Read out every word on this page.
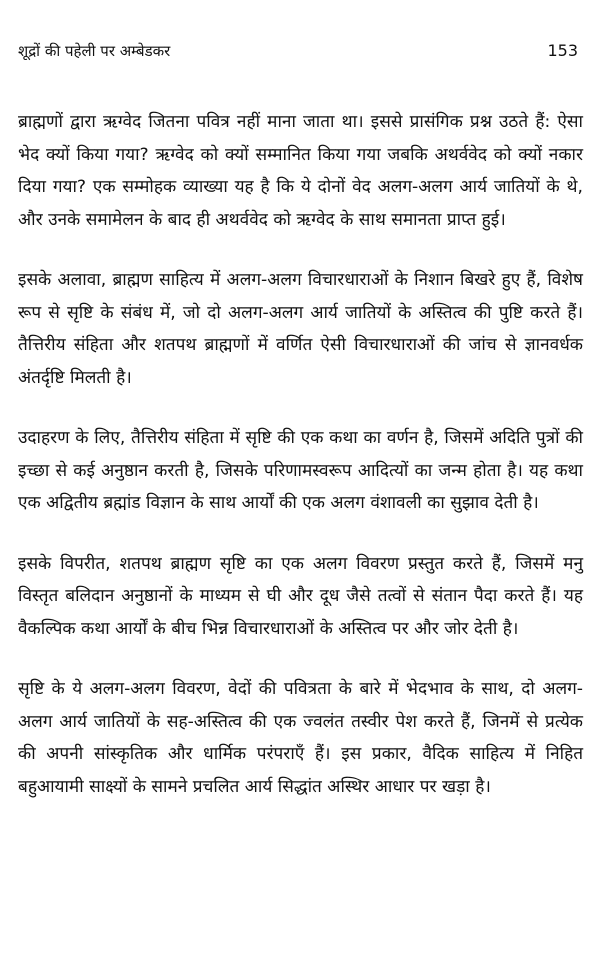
शूद्रों की पहेली पर अम्बेडकर	153

ब्राह्मणों द्वारा ऋग्वेद जितना पवित्र नहीं माना जाता था। इससे प्रासंगिक प्रश्न उठते हैं: ऐसा भेद क्यों किया गया? ऋग्वेद को क्यों सम्मानित किया गया जबकि अथर्ववेद को क्यों नकार दिया गया? एक सम्मोहक व्याख्या यह है कि ये दोनों वेद अलग-अलग आर्य जातियों के थे, और उनके समामेलन के बाद ही अथर्ववेद को ऋग्वेद के साथ समानता प्राप्त हुई।

इसके अलावा, ब्राह्मण साहित्य में अलग-अलग विचारधाराओं के निशान बिखरे हुए हैं, विशेष रूप से सृष्टि के संबंध में, जो दो अलग-अलग आर्य जातियों के अस्तित्व की पुष्टि करते हैं। तैत्तिरीय संहिता और शतपथ ब्राह्मणों में वर्णित ऐसी विचारधाराओं की जांच से ज्ञानवर्धक अंतर्दृष्टि मिलती है।

उदाहरण के लिए, तैत्तिरीय संहिता में सृष्टि की एक कथा का वर्णन है, जिसमें अदिति पुत्रों की इच्छा से कई अनुष्ठान करती है, जिसके परिणामस्वरूप आदित्यों का जन्म होता है। यह कथा एक अद्वितीय ब्रह्मांड विज्ञान के साथ आर्यों की एक अलग वंशावली का सुझाव देती है।

इसके विपरीत, शतपथ ब्राह्मण सृष्टि का एक अलग विवरण प्रस्तुत करते हैं, जिसमें मनु विस्तृत बलिदान अनुष्ठानों के माध्यम से घी और दूध जैसे तत्वों से संतान पैदा करते हैं। यह वैकल्पिक कथा आर्यों के बीच भिन्न विचारधाराओं के अस्तित्व पर और जोर देती है।

सृष्टि के ये अलग-अलग विवरण, वेदों की पवित्रता के बारे में भेदभाव के साथ, दो अलग-अलग आर्य जातियों के सह-अस्तित्व की एक ज्वलंत तस्वीर पेश करते हैं, जिनमें से प्रत्येक की अपनी सांस्कृतिक और धार्मिक परंपराएँ हैं। इस प्रकार, वैदिक साहित्य में निहित बहुआयामी साक्ष्यों के सामने प्रचलित आर्य सिद्धांत अस्थिर आधार पर खड़ा है।
